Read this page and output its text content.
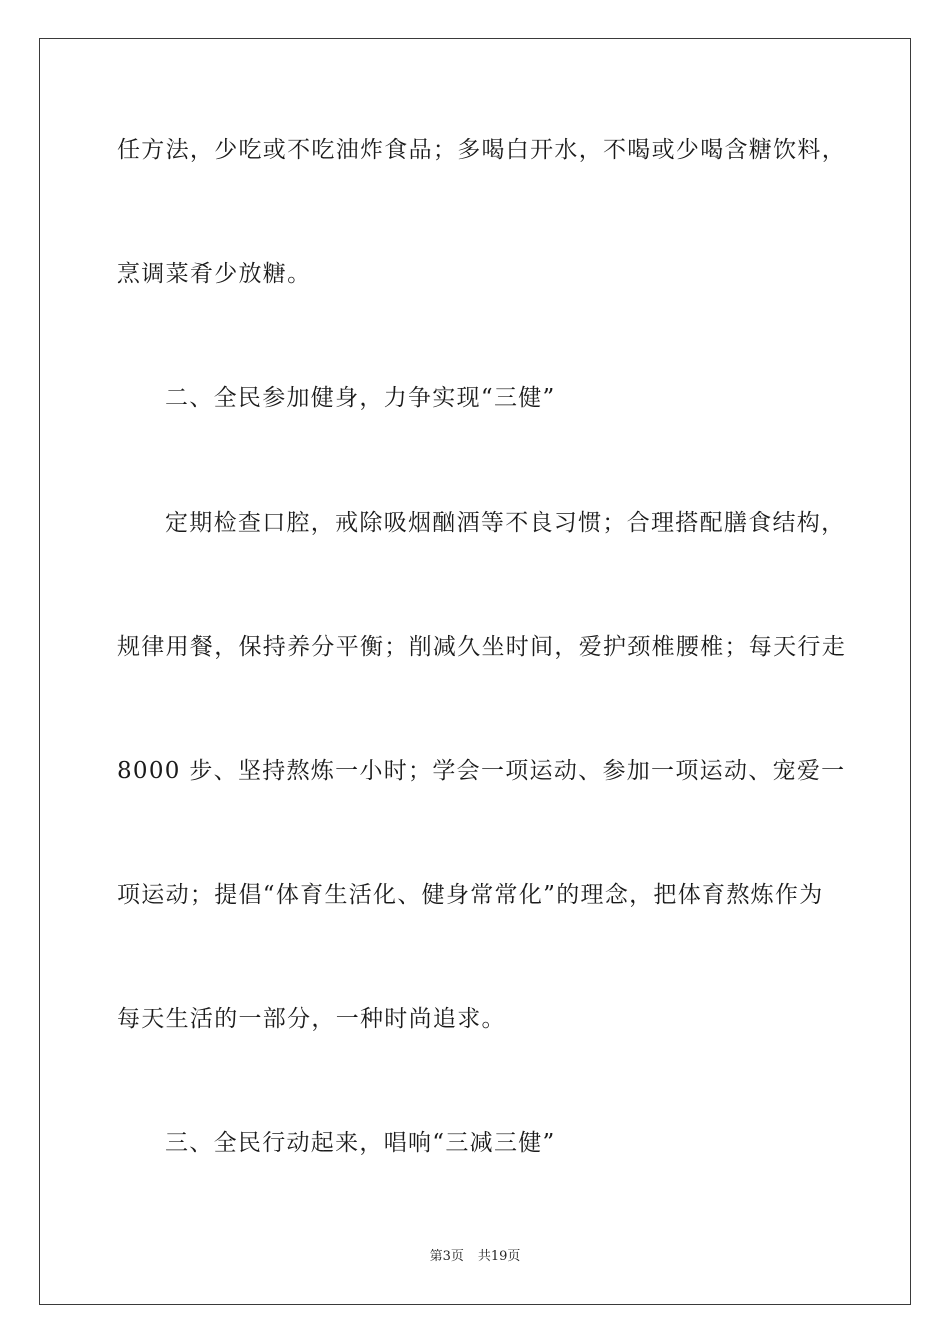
任方法，少吃或不吃油炸食品；多喝白开水，不喝或少喝含糖饮料，
烹调菜肴少放糖。
二、全民参加健身，力争实现“三健”
定期检查口腔，戒除吸烟酗酒等不良习惯；合理搭配膳食结构，
规律用餐，保持养分平衡；削减久坐时间，爱护颈椎腰椎；每天行走
8000 步、坚持熬炼一小时；学会一项运动、参加一项运动、宠爱一
项运动；提倡“体育生活化、健身常常化”的理念，把体育熬炼作为
每天生活的一部分，一种时尚追求。
三、全民行动起来，唱响“三减三健”
第3页 共19页
